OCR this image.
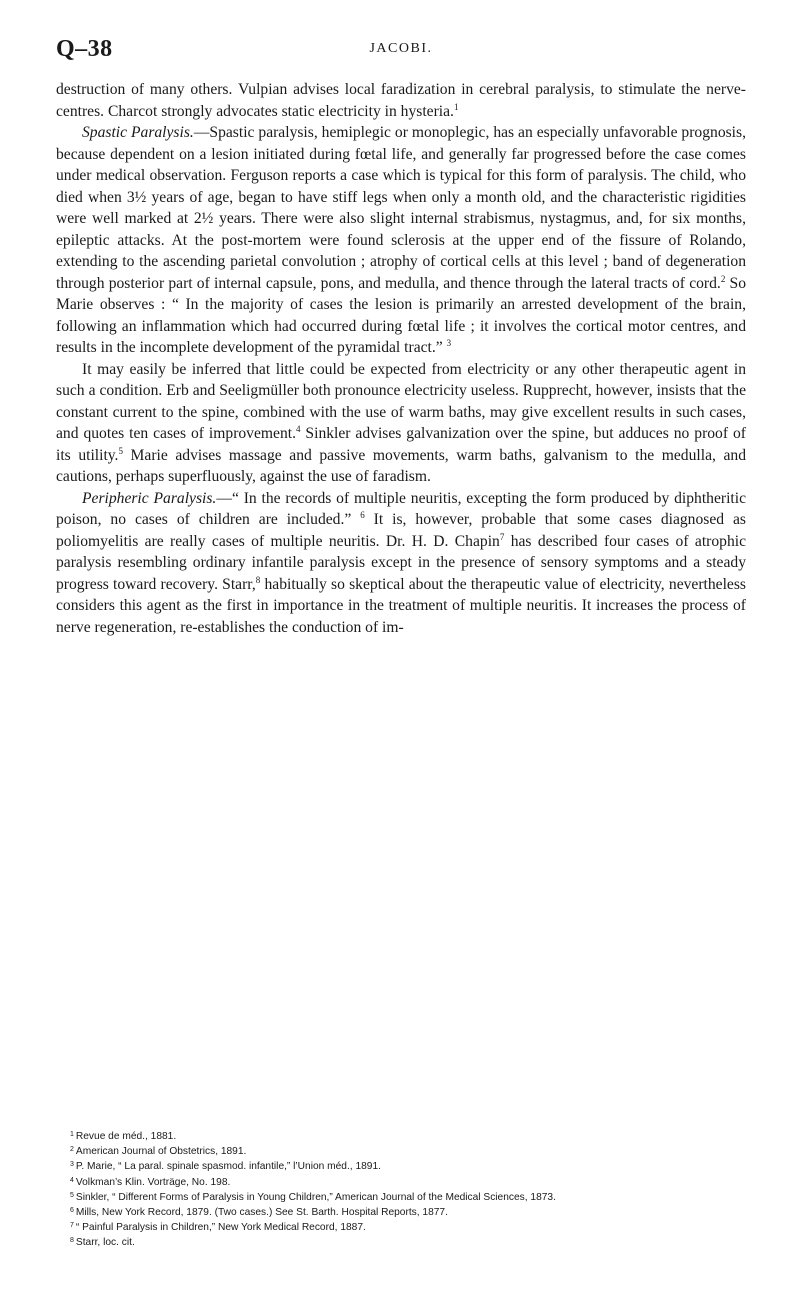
Q–38	JACOBI.

destruction of many others. Vulpian advises local faradization in cerebral paralysis, to stimulate the nerve-centres. Charcot strongly advocates static electricity in hysteria.$^1$

Spastic Paralysis.—Spastic paralysis, hemiplegic or monoplegic, has an especially unfavorable prognosis, because dependent on a lesion initiated during fœtal life, and generally far progressed before the case comes under medical observation. Ferguson reports a case which is typical for this form of paralysis. The child, who died when 3½ years of age, began to have stiff legs when only a month old, and the characteristic rigidities were well marked at 2½ years. There were also slight internal strabismus, nystagmus, and, for six months, epileptic attacks. At the post-mortem were found sclerosis at the upper end of the fissure of Rolando, extending to the ascending parietal convolution ; atrophy of cortical cells at this level ; band of degeneration through posterior part of internal capsule, pons, and medulla, and thence through the lateral tracts of cord.$^2$ So Marie observes : “ In the majority of cases the lesion is primarily an arrested development of the brain, following an inflammation which had occurred during fœtal life ; it involves the cortical motor centres, and results in the incomplete development of the pyramidal tract.” $^3$

It may easily be inferred that little could be expected from electricity or any other therapeutic agent in such a condition. Erb and Seeligmüller both pronounce electricity useless. Rupprecht, however, insists that the constant current to the spine, combined with the use of warm baths, may give excellent results in such cases, and quotes ten cases of improvement.$^4$ Sinkler advises galvanization over the spine, but adduces no proof of its utility.$^5$ Marie advises massage and passive movements, warm baths, galvanism to the medulla, and cautions, perhaps superfluously, against the use of faradism.

Peripheric Paralysis.—“ In the records of multiple neuritis, excepting the form produced by diphtheritic poison, no cases of children are included.” $^6$ It is, however, probable that some cases diagnosed as poliomyelitis are really cases of multiple neuritis. Dr. H. D. Chapin$^7$ has described four cases of atrophic paralysis resembling ordinary infantile paralysis except in the presence of sensory symptoms and a steady progress toward recovery. Starr,$^8$ habitually so skeptical about the therapeutic value of electricity, nevertheless considers this agent as the first in importance in the treatment of multiple neuritis. It increases the process of nerve regeneration, re-establishes the conduction of im-

$^1$ Revue de méd., 1881.

$^2$ American Journal of Obstetrics, 1891.

$^3$ P. Marie, “ La paral. spinale spasmod. infantile,” l’Union méd., 1891.

$^4$ Volkman’s Klin. Vorträge, No. 198.

$^5$ Sinkler, “ Different Forms of Paralysis in Young Children,” American Journal of the Medical Sciences, 1873.

$^6$ Mills, New York Record, 1879. (Two cases.) See St. Barth. Hospital Reports, 1877.

$^7$ “ Painful Paralysis in Children,” New York Medical Record, 1887.

$^8$ Starr, loc. cit.
